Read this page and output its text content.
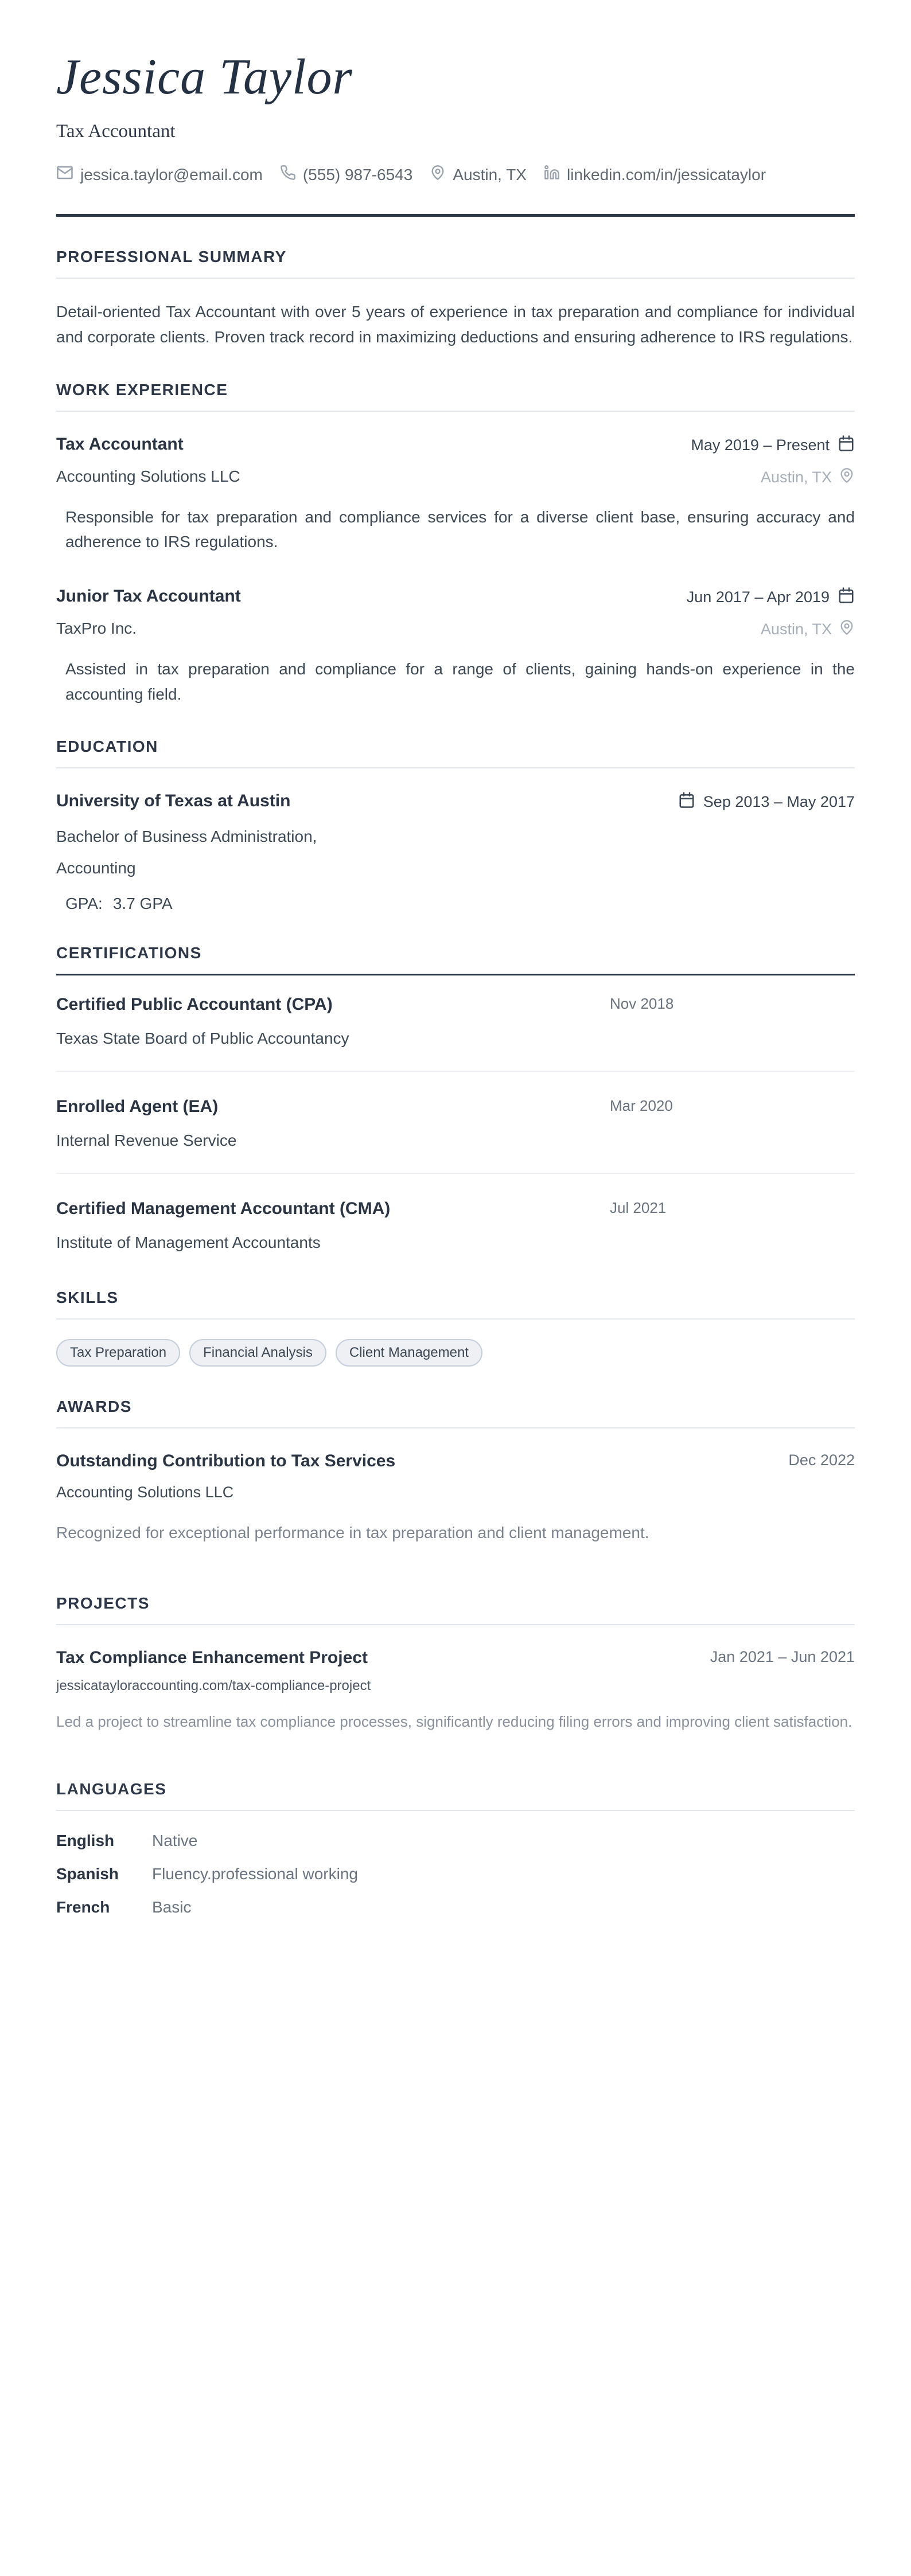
Jessica Taylor
Tax Accountant
jessica.taylor@email.com	(555) 987-6543	Austin, TX	linkedin.com/in/jessicataylor
PROFESSIONAL SUMMARY

Detail-oriented Tax Accountant with over 5 years of experience in tax preparation and compliance for individual and corporate clients. Proven track record in maximizing deductions and ensuring adherence to IRS regulations.

WORK EXPERIENCE
Tax Accountant	May 2019 – Present
Accounting Solutions LLC	Austin, TX

Responsible for tax preparation and compliance services for a diverse client base, ensuring accuracy and adherence to IRS regulations.

Junior Tax Accountant	Jun 2017 – Apr 2019
TaxPro Inc.	Austin, TX

Assisted in tax preparation and compliance for a range of clients, gaining hands-on experience in the accounting field.

EDUCATION
University of Texas at Austin	Sep 2013 – May 2017
Bachelor of Business Administration,
Accounting
GPA: 3.7 GPA
CERTIFICATIONS
Certified Public Accountant (CPA)
Texas State Board of Public Accountancy
Nov 2018
Enrolled Agent (EA)
Internal Revenue Service
Mar 2020
Certified Management Accountant (CMA)
Institute of Management Accountants
Jul 2021
SKILLS
Tax Preparation	Financial Analysis	Client Management
AWARDS
Outstanding Contribution to Tax Services	Dec 2022
Accounting Solutions LLC

Recognized for exceptional performance in tax preparation and client management.

PROJECTS
Tax Compliance Enhancement Project	Jan 2021 – Jun 2021
jessicatayloraccounting.com/tax-compliance-project

Led a project to streamline tax compliance processes, significantly reducing filing errors and improving client satisfaction.

LANGUAGES
English	Native
Spanish	Fluency.professional working
French	Basic
